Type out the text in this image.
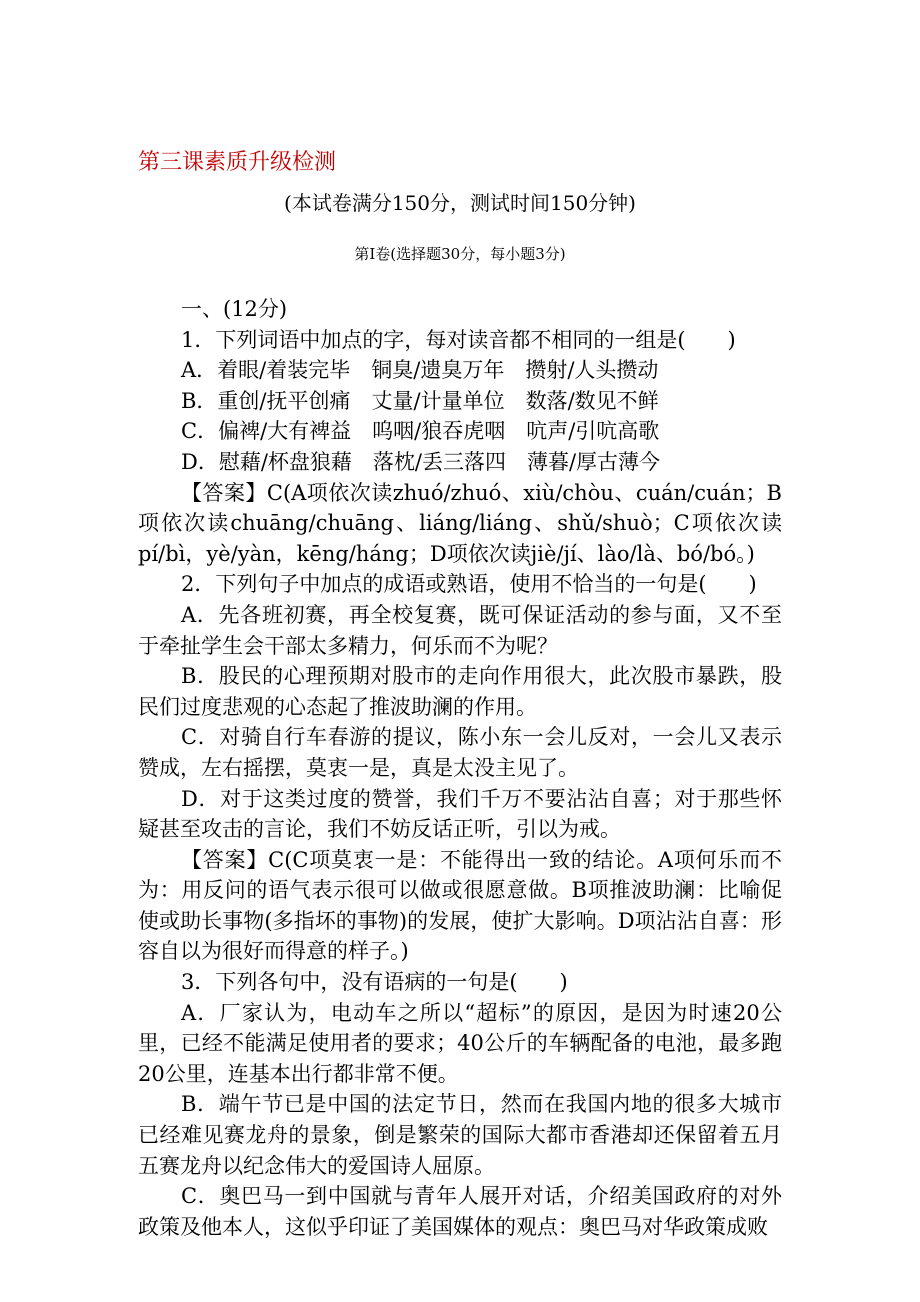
第三课素质升级检测
(本试卷满分150分，测试时间150分钟)
第Ⅰ卷(选择题30分，每小题3分)

一、(12分)

1．下列词语中加点的字，每对读音都不相同的一组是(　　)

A．着眼/着装完毕　铜臭/遗臭万年　攒射/人头攒动

B．重创/抚平创痛　丈量/计量单位　数落/数见不鲜

C．偏裨/大有裨益　呜咽/狼吞虎咽　吭声/引吭高歌

D．慰藉/杯盘狼藉　落枕/丢三落四　薄暮/厚古薄今

【答案】C(A项依次读zhuó/zhuó、xiù/chòu、cuán/cuán；B项依次读chuāng/chuāng、liáng/liáng、shǔ/shuò；C项依次读pí/bì，yè/yàn，kēng/háng；D项依次读jiè/jí、lào/là、bó/bó。)

2．下列句子中加点的成语或熟语，使用不恰当的一句是(　　)

A．先各班初赛，再全校复赛，既可保证活动的参与面，又不至于牵扯学生会干部太多精力，何乐而不为呢？

B．股民的心理预期对股市的走向作用很大，此次股市暴跌，股民们过度悲观的心态起了推波助澜的作用。

C．对骑自行车春游的提议，陈小东一会儿反对，一会儿又表示赞成，左右摇摆，莫衷一是，真是太没主见了。

D．对于这类过度的赞誉，我们千万不要沾沾自喜；对于那些怀疑甚至攻击的言论，我们不妨反话正听，引以为戒。

【答案】C(C项莫衷一是：不能得出一致的结论。A项何乐而不为：用反问的语气表示很可以做或很愿意做。B项推波助澜：比喻促使或助长事物(多指坏的事物)的发展，使扩大影响。D项沾沾自喜：形容自以为很好而得意的样子。)

3．下列各句中，没有语病的一句是(　　)

A．厂家认为，电动车之所以“超标”的原因，是因为时速20公里，已经不能满足使用者的要求；40公斤的车辆配备的电池，最多跑20公里，连基本出行都非常不便。

B．端午节已是中国的法定节日，然而在我国内地的很多大城市已经难见赛龙舟的景象，倒是繁荣的国际大都市香港却还保留着五月五赛龙舟以纪念伟大的爱国诗人屈原。

C．奥巴马一到中国就与青年人展开对话，介绍美国政府的对外政策及他本人，这似乎印证了美国媒体的观点：奥巴马对华政策成败
